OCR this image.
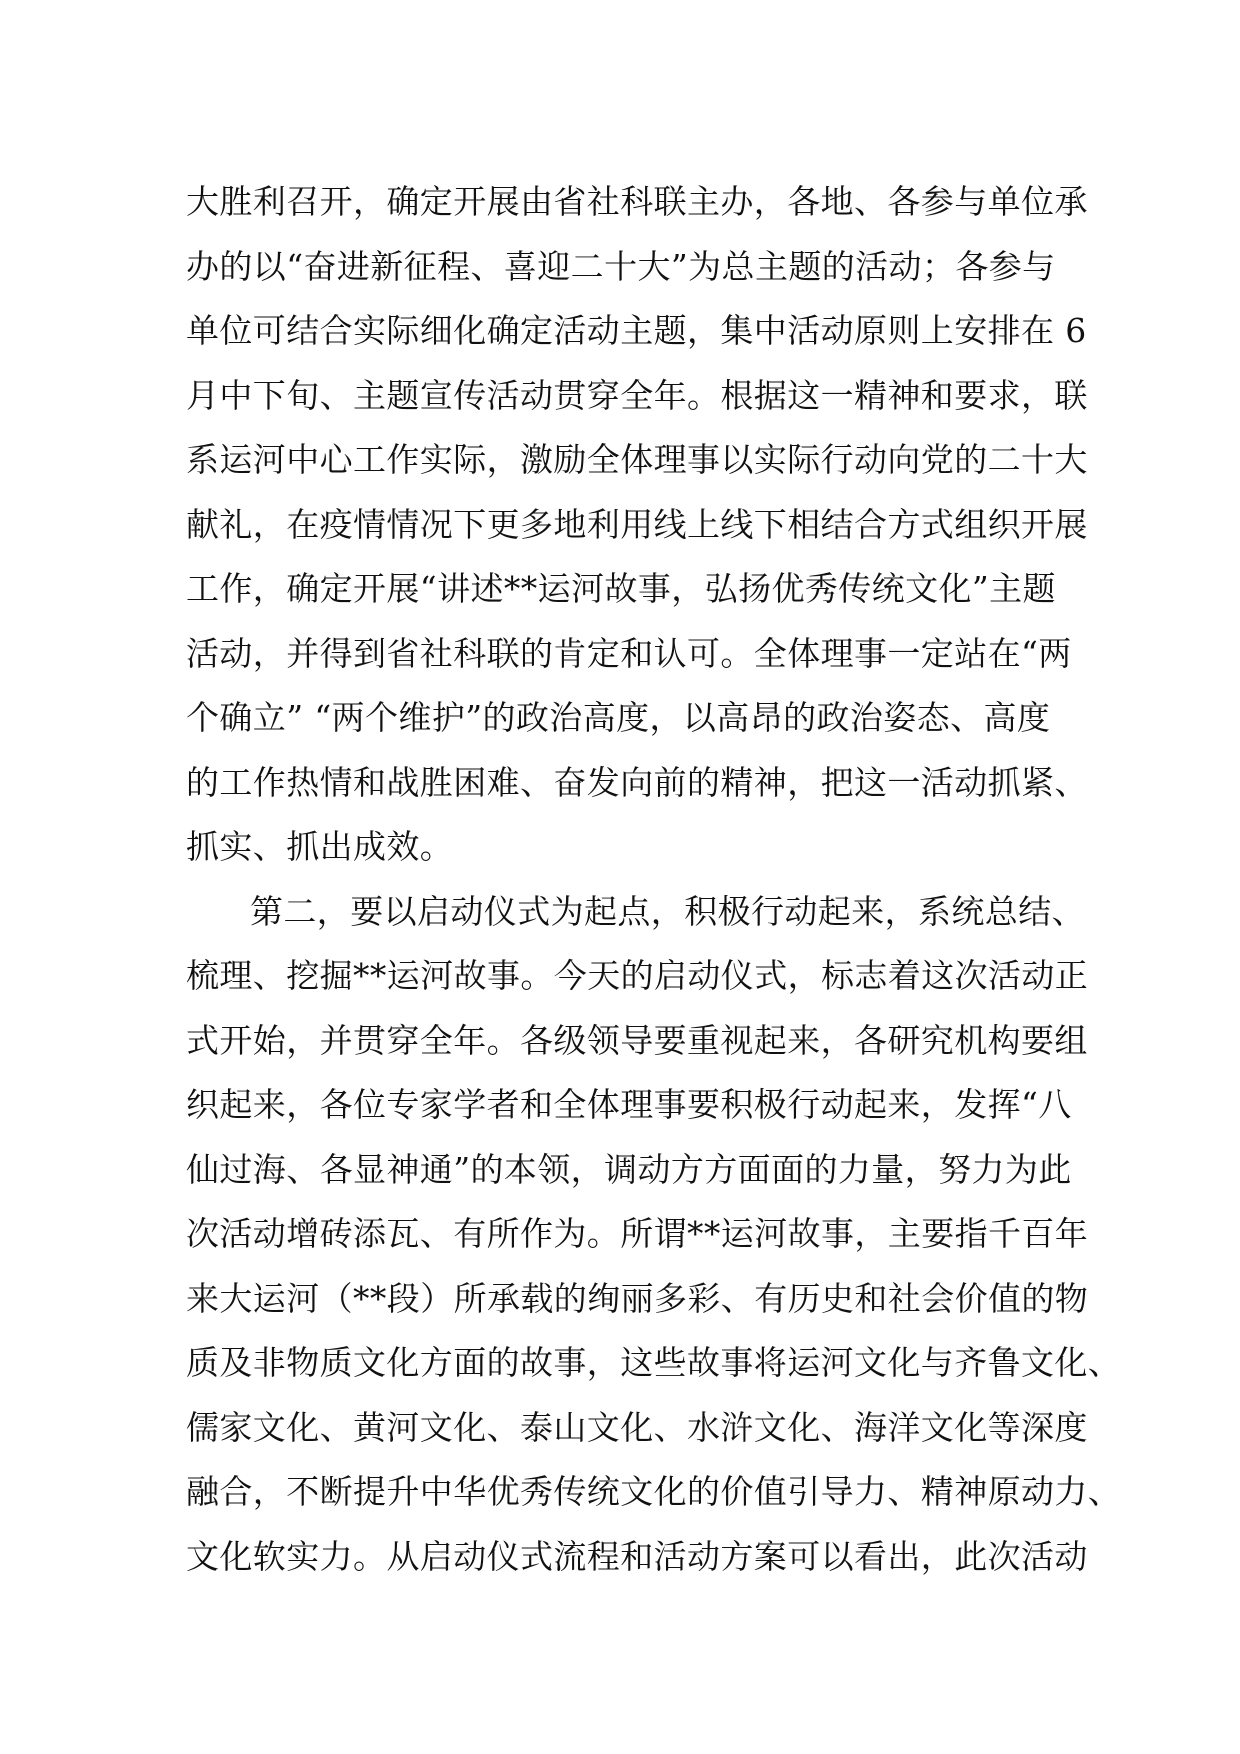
大胜利召开，确定开展由省社科联主办，各地、各参与单位承
办的以“奋进新征程、喜迎二十大”为总主题的活动；各参与
单位可结合实际细化确定活动主题，集中活动原则上安排在 6
月中下旬、主题宣传活动贯穿全年。根据这一精神和要求，联
系运河中心工作实际，激励全体理事以实际行动向党的二十大
献礼，在疫情情况下更多地利用线上线下相结合方式组织开展
工作，确定开展“讲述**运河故事，弘扬优秀传统文化”主题
活动，并得到省社科联的肯定和认可。全体理事一定站在“两
个确立” “两个维护”的政治高度，以高昂的政治姿态、高度
的工作热情和战胜困难、奋发向前的精神，把这一活动抓紧、
抓实、抓出成效。
第二，要以启动仪式为起点，积极行动起来，系统总结、
梳理、挖掘**运河故事。今天的启动仪式，标志着这次活动正
式开始，并贯穿全年。各级领导要重视起来，各研究机构要组
织起来，各位专家学者和全体理事要积极行动起来，发挥“八
仙过海、各显神通”的本领，调动方方面面的力量，努力为此
次活动增砖添瓦、有所作为。所谓**运河故事，主要指千百年
来大运河（**段）所承载的绚丽多彩、有历史和社会价值的物
质及非物质文化方面的故事，这些故事将运河文化与齐鲁文化、
儒家文化、黄河文化、泰山文化、水浒文化、海洋文化等深度
融合，不断提升中华优秀传统文化的价值引导力、精神原动力、
文化软实力。从启动仪式流程和活动方案可以看出，此次活动
